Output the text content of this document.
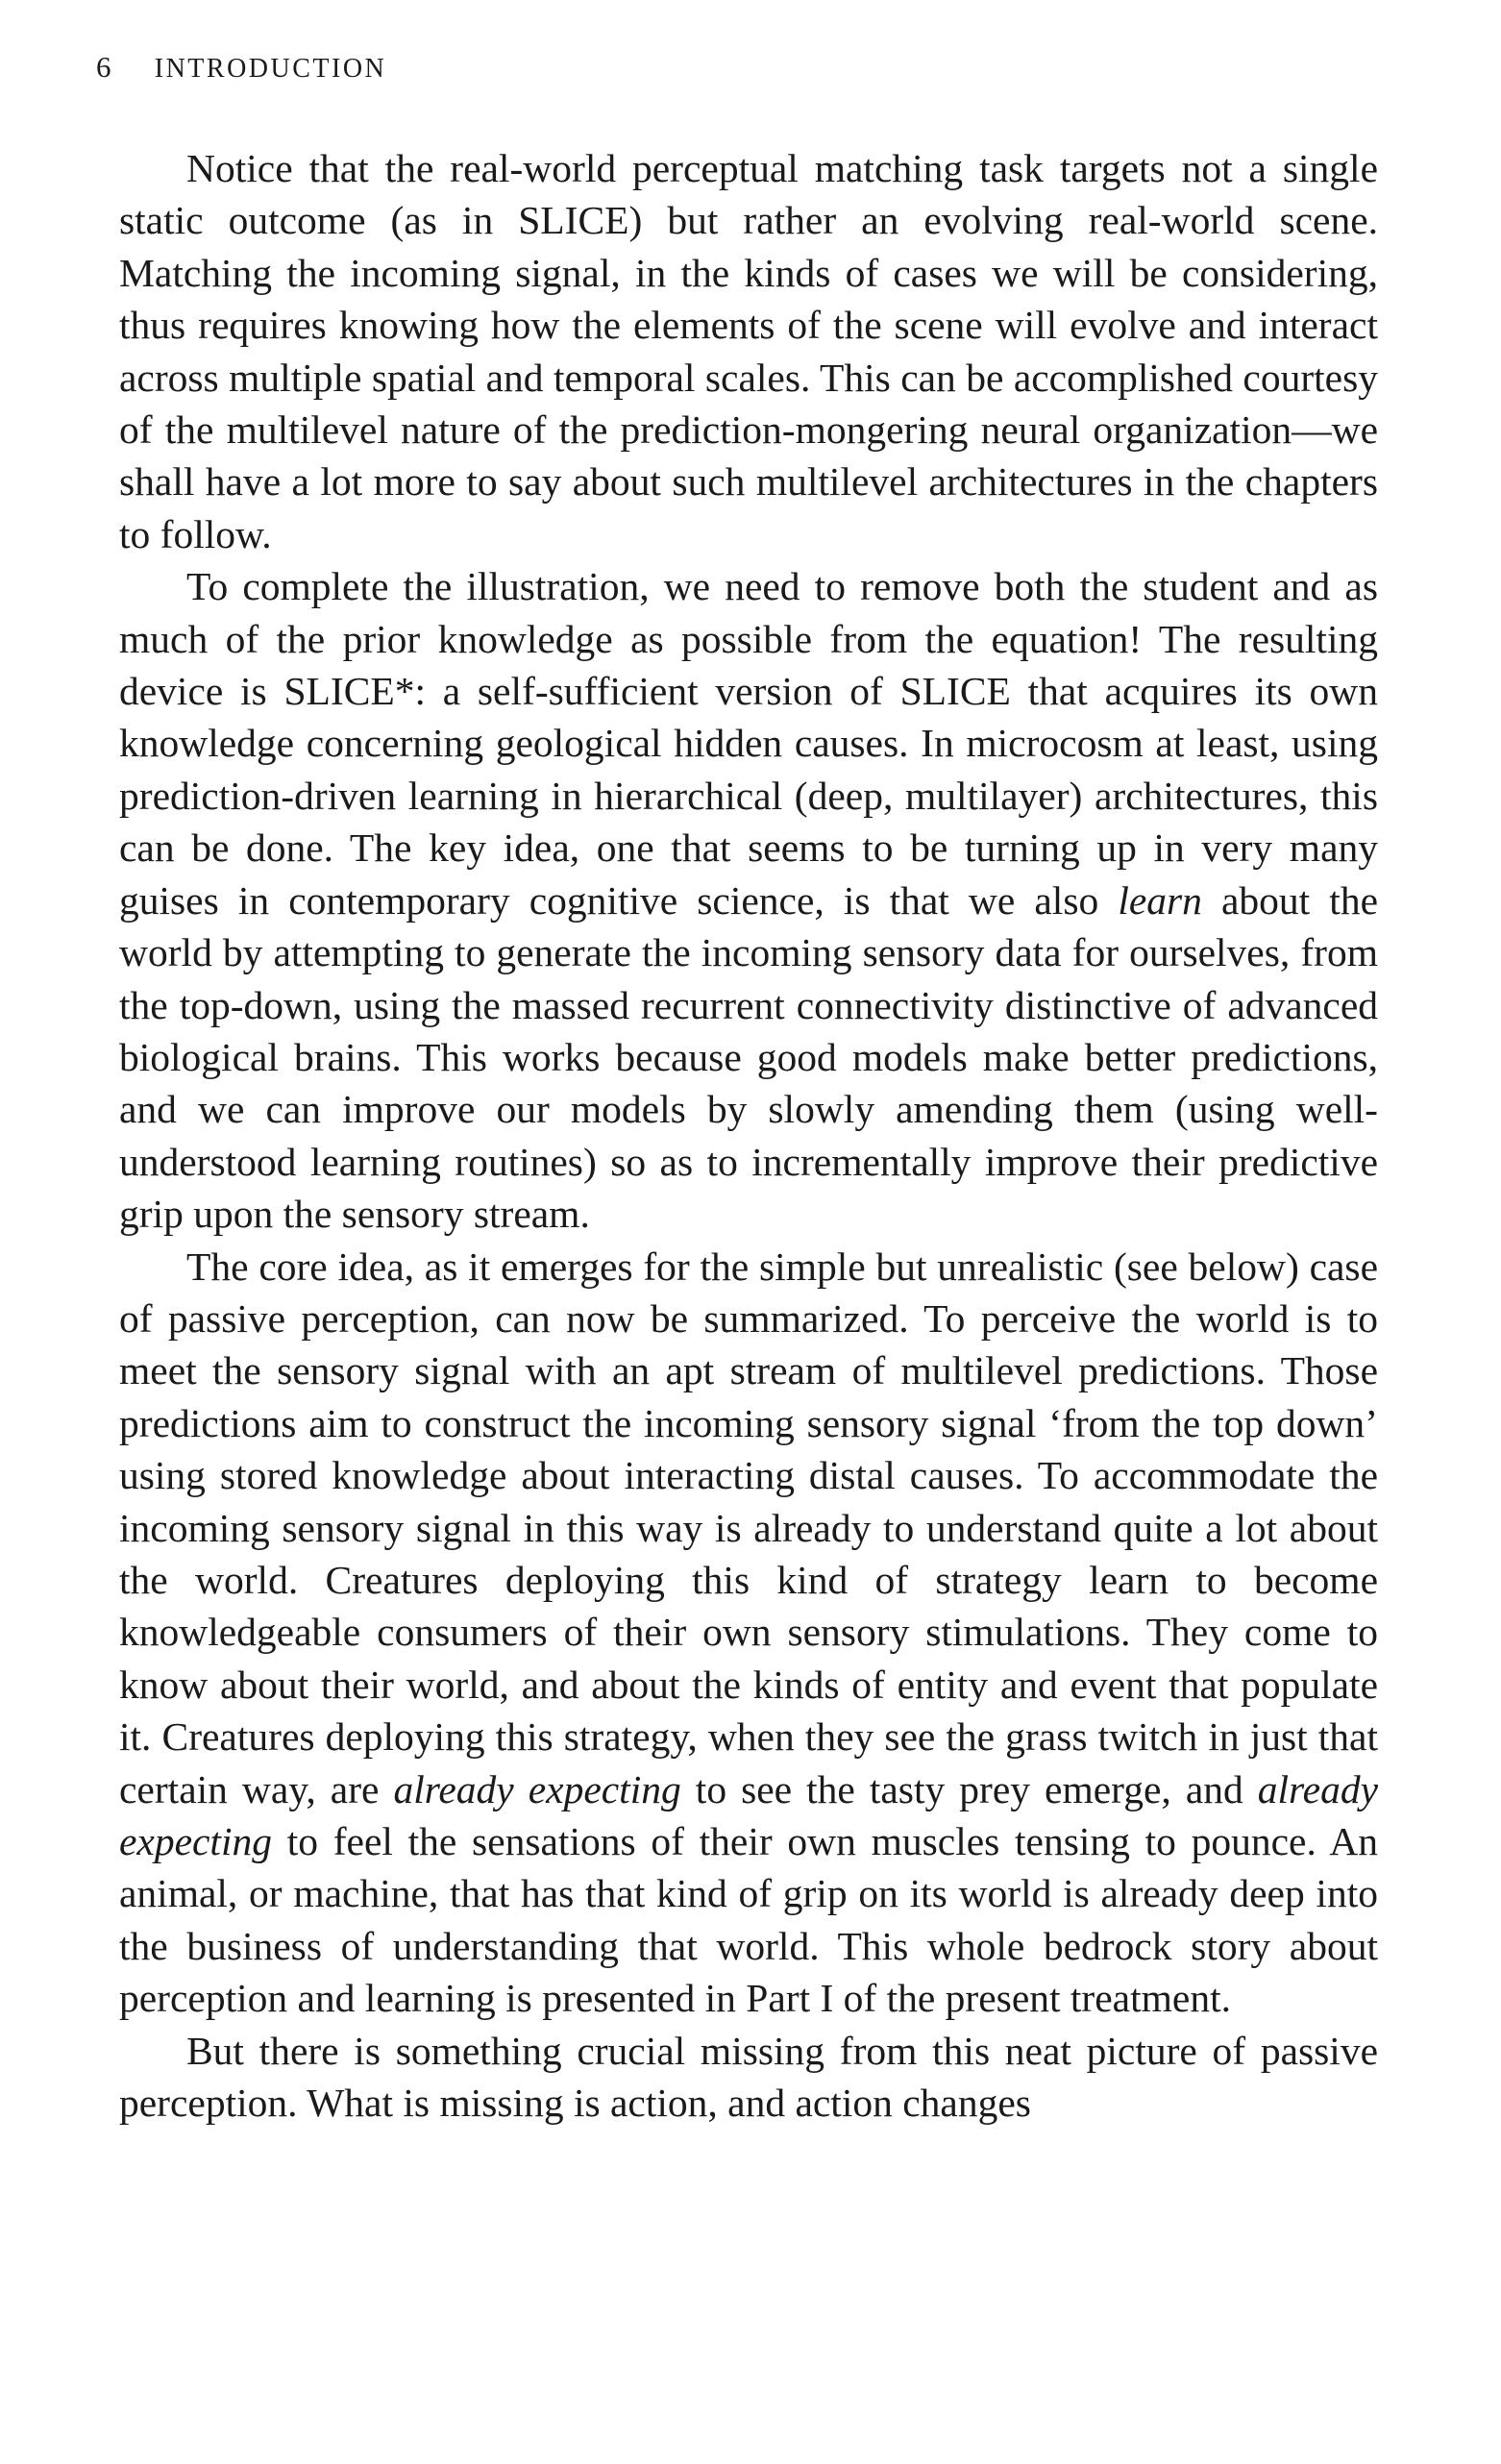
6 INTRODUCTION

Notice that the real-world perceptual matching task targets not a single static outcome (as in SLICE) but rather an evolving real-world scene. Matching the incoming signal, in the kinds of cases we will be considering, thus requires knowing how the elements of the scene will evolve and interact across multiple spatial and temporal scales. This can be accomplished courtesy of the multilevel nature of the prediction-mongering neural organization—we shall have a lot more to say about such multilevel architectures in the chapters to follow.

To complete the illustration, we need to remove both the student and as much of the prior knowledge as possible from the equation! The resulting device is SLICE*: a self-sufficient version of SLICE that acquires its own knowledge concerning geological hidden causes. In microcosm at least, using prediction-driven learning in hierarchical (deep, multilayer) architectures, this can be done. The key idea, one that seems to be turning up in very many guises in contemporary cognitive science, is that we also learn about the world by attempting to generate the incoming sensory data for ourselves, from the top-down, using the massed recurrent connectivity distinctive of advanced biological brains. This works because good models make better predictions, and we can improve our models by slowly amending them (using well-understood learning routines) so as to incrementally improve their predictive grip upon the sensory stream.

The core idea, as it emerges for the simple but unrealistic (see below) case of passive perception, can now be summarized. To perceive the world is to meet the sensory signal with an apt stream of multilevel predictions. Those predictions aim to construct the incoming sensory signal ‘from the top down’ using stored knowledge about interacting distal causes. To accommodate the incoming sensory signal in this way is already to understand quite a lot about the world. Creatures deploying this kind of strategy learn to become knowledgeable consumers of their own sensory stimulations. They come to know about their world, and about the kinds of entity and event that populate it. Creatures deploying this strategy, when they see the grass twitch in just that certain way, are already expecting to see the tasty prey emerge, and already expecting to feel the sensations of their own muscles tensing to pounce. An animal, or machine, that has that kind of grip on its world is already deep into the business of understanding that world. This whole bedrock story about perception and learning is presented in Part I of the present treatment.

But there is something crucial missing from this neat picture of passive perception. What is missing is action, and action changes
